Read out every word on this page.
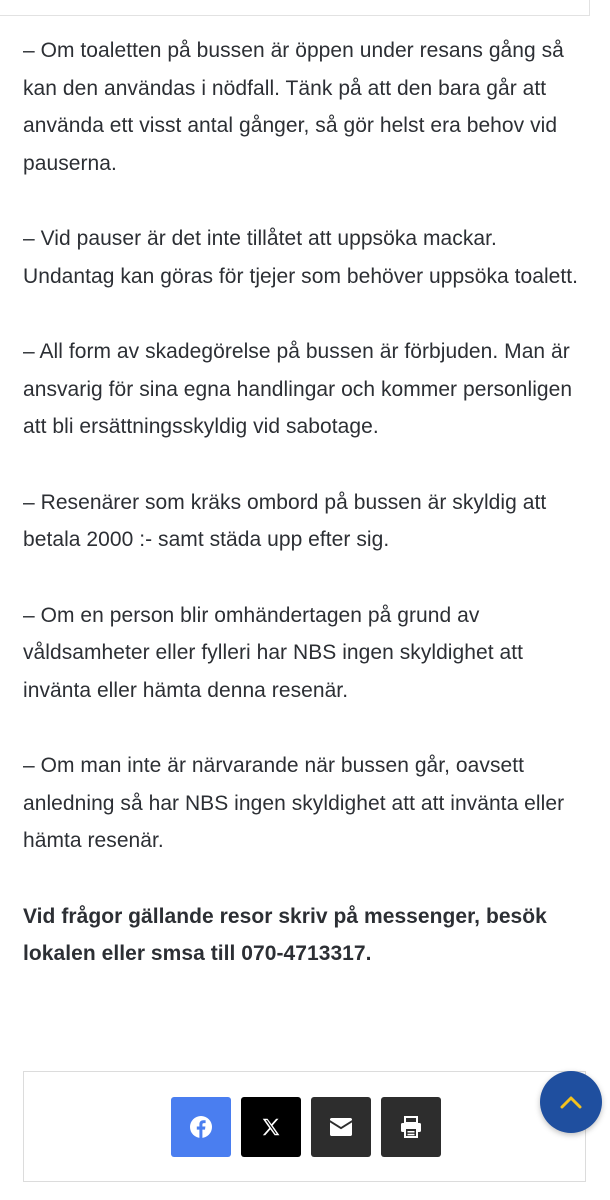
– Om toaletten på bussen är öppen under resans gång så kan den användas i nödfall. Tänk på att den bara går att använda ett visst antal gånger, så gör helst era behov vid pauserna.

– Vid pauser är det inte tillåtet att uppsöka mackar. Undantag kan göras för tjejer som behöver uppsöka toalett.

– All form av skadegörelse på bussen är förbjuden. Man är ansvarig för sina egna handlingar och kommer personligen att bli ersättningsskyldig vid sabotage.

– Resenärer som kräks ombord på bussen är skyldig att betala 2000 :- samt städa upp efter sig.

– Om en person blir omhändertagen på grund av våldsamheter eller fylleri har NBS ingen skyldighet att invänta eller hämta denna resenär.

– Om man inte är närvarande när bussen går, oavsett anledning så har NBS ingen skyldighet att att invänta eller hämta resenär.

Vid frågor gällande resor skriv på messenger, besök lokalen eller smsa till 070-4713317.
